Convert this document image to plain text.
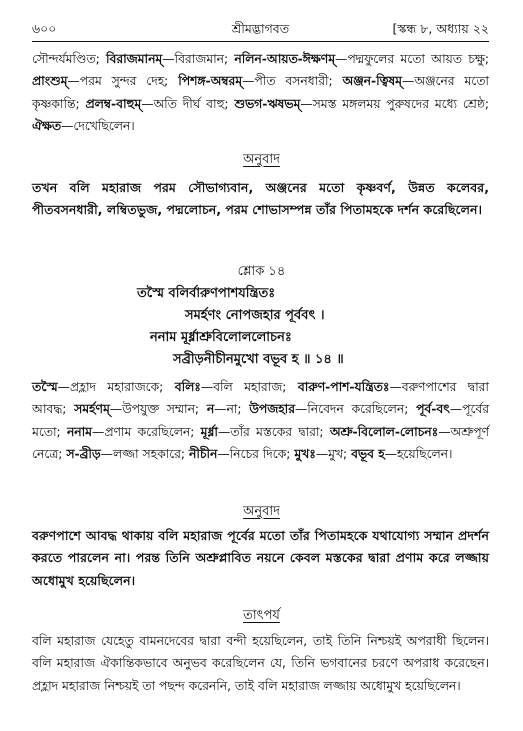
৬০০	শ্রীমদ্ভাগবত	[স্কন্ধ ৮, অধ্যায় ২২
সৌন্দর্যমণ্ডিত; বিরাজমানম্—বিরাজমান; নলিন-আয়ত-ঈক্ষণম্—পদ্মফুলের মতো আয়ত চক্ষু; প্রাংশুম্—পরম সুন্দর দেহ; পিশঙ্গ-অম্বরম্—পীত বসনধারী; অঞ্জন-ত্বিষম্—অঞ্জনের মতো কৃষ্ণকান্তি; প্রলম্ব-বাহুম্—অতি দীর্ঘ বাহু; শুভগ-ঋষভম্—সমস্ত মঙ্গলময় পুরুষদের মধ্যে শ্রেষ্ঠ; ঐক্ষত—দেখেছিলেন।
অনুবাদ
তখন বলি মহারাজ পরম সৌভাগ্যবান, অঞ্জনের মতো কৃষ্ণবর্ণ, উন্নত কলেবর, পীতবসনধারী, লম্বিতভুজ, পদ্মলোচন, পরম শোভাসম্পন্ন তাঁর পিতামহকে দর্শন করেছিলেন।
শ্লোক ১৪
তস্মৈ বলির্বারুণপাশযন্ত্রিতঃ
সমর্হণং নোপজহার পূর্ববৎ ।
ননাম মূর্ধ্নাশ্রুবিলোললোচনঃ
সব্রীড়নীচীনমুখো বভূব হ ॥ ১৪ ॥
তস্মৈ—প্রহ্লাদ মহারাজকে; বলিঃ—বলি মহারাজ; বারুণ-পাশ-যন্ত্রিতঃ—বরুণপাশের দ্বারা আবদ্ধ; সমর্হণম্—উপযুক্ত সম্মান; ন—না; উপজহার—নিবেদন করেছিলেন; পূর্ব-বৎ—পূর্বের মতো; ননাম—প্রণাম করেছিলেন; মূর্ধ্না—তাঁর মস্তকের দ্বারা; অশ্রু-বিলোল-লোচনঃ—অশ্রুপূর্ণ নেত্রে; স-ব্রীড়—লজ্জা সহকারে; নীচীন—নিচের দিকে; মুখঃ—মুখ; বভূব হ—হয়েছিলেন।
অনুবাদ
বরুণপাশে আবদ্ধ থাকায় বলি মহারাজ পূর্বের মতো তাঁর পিতামহকে যথাযোগ্য সম্মান প্রদর্শন করতে পারলেন না। পরন্ত তিনি অশ্রুপ্লাবিত নয়নে কেবল মস্তকের দ্বারা প্রণাম করে লজ্জায় অধোমুখ হয়েছিলেন।
তাৎপর্য
বলি মহারাজ যেহেতু বামনদেবের দ্বারা বন্দী হয়েছিলেন, তাই তিনি নিশ্চয়ই অপরাধী ছিলেন। বলি মহারাজ ঐকান্তিকভাবে অনুভব করেছিলেন যে, তিনি ভগবানের চরণে অপরাধ করেছেন। প্রহ্লাদ মহারাজ নিশ্চয়ই তা পছন্দ করেননি, তাই বলি মহারাজ লজ্জায় অধোমুখ হয়েছিলেন।
